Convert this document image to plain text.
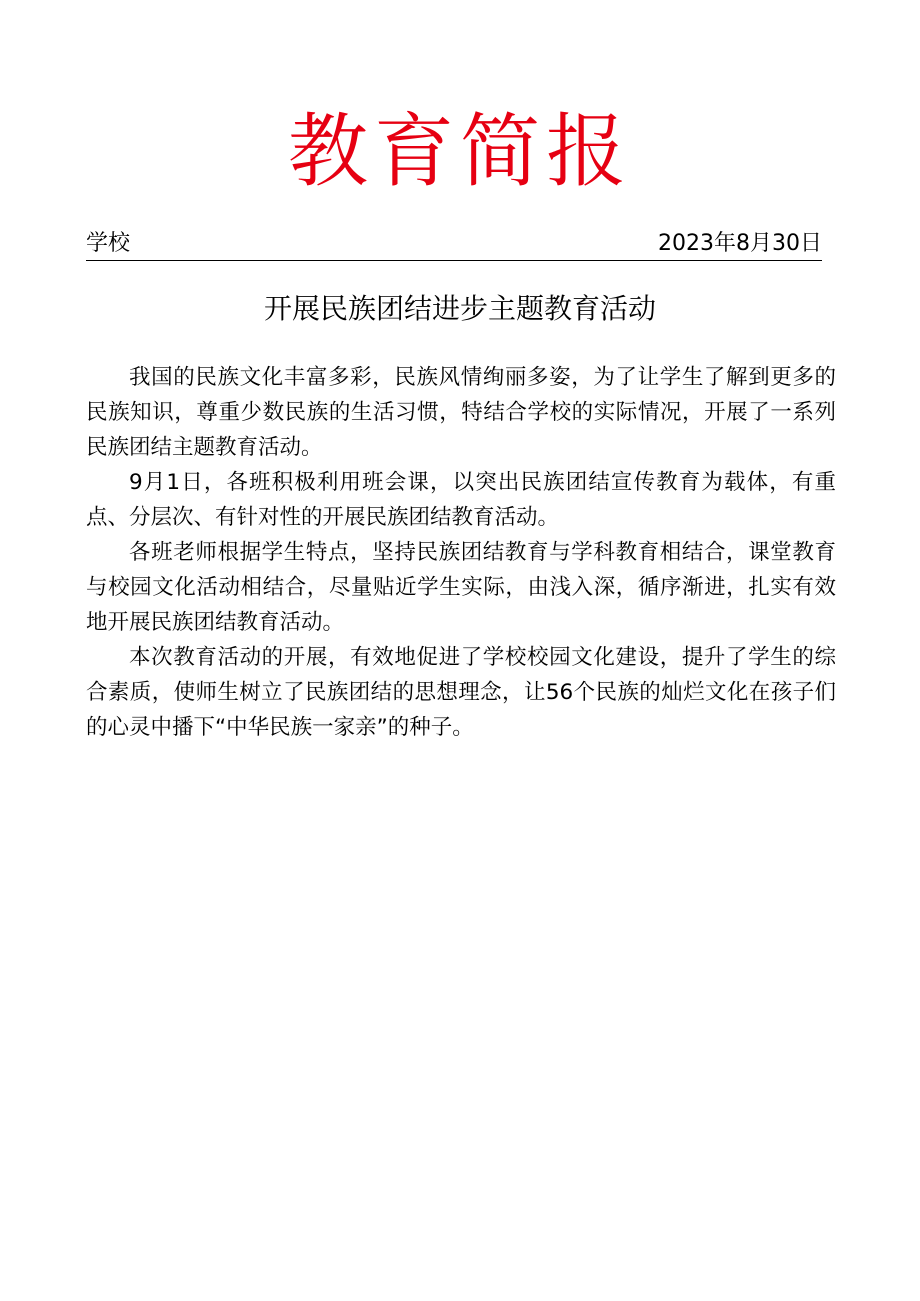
教育简报
学校	2023年8月30日
开展民族团结进步主题教育活动

我国的民族文化丰富多彩，民族风情绚丽多姿，为了让学生了解到更多的民族知识，尊重少数民族的生活习惯，特结合学校的实际情况，开展了一系列民族团结主题教育活动。

9月1日，各班积极利用班会课，以突出民族团结宣传教育为载体，有重点、分层次、有针对性的开展民族团结教育活动。

各班老师根据学生特点，坚持民族团结教育与学科教育相结合，课堂教育与校园文化活动相结合，尽量贴近学生实际，由浅入深，循序渐进，扎实有效地开展民族团结教育活动。

本次教育活动的开展，有效地促进了学校校园文化建设，提升了学生的综合素质，使师生树立了民族团结的思想理念，让56个民族的灿烂文化在孩子们的心灵中播下“中华民族一家亲”的种子。
